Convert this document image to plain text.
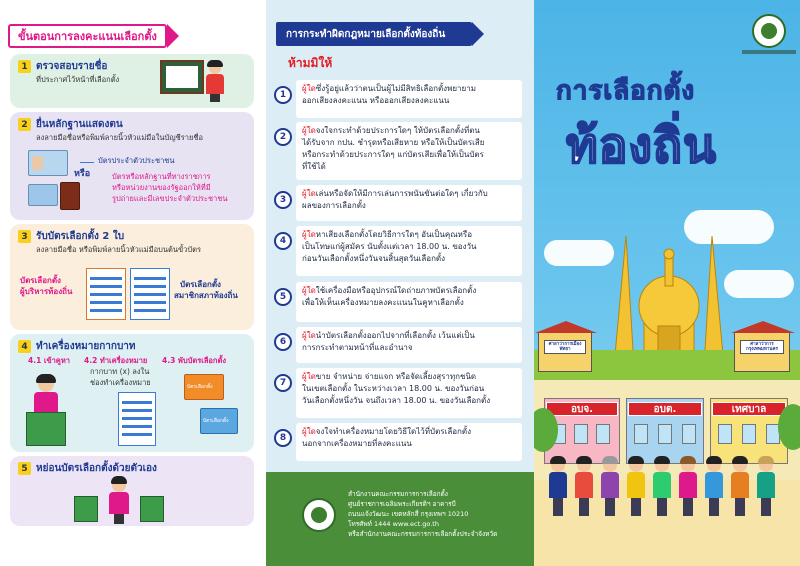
ขั้นตอนการลงคะแนนเลือกตั้ง
1 ตรวจสอบรายชื่อ
ที่ประกาศไว้หน้าที่เลือกตั้ง
2 ยื่นหลักฐานแสดงตน
ลงลายมือชื่อหรือพิมพ์ลายนิ้วหัวแม่มือในบัญชีรายชื่อ
บัตรประจำตัวประชาชน
หรือ	บัตรหรือหลักฐานที่ทางราชการ
หรือหน่วยงานของรัฐออกให้ที่มี
รูปถ่ายและมีเลขประจำตัวประชาชน
3 รับบัตรเลือกตั้ง 2 ใบ
ลงลายมือชื่อ หรือพิมพ์ลายนิ้วหัวแม่มือบนต้นขั้วบัตร
บัตรเลือกตั้ง
ผู้บริหารท้องถิ่น
บัตรเลือกตั้ง
สมาชิกสภาท้องถิ่น
4 ทำเครื่องหมายกากบาท
4.1 เข้าคูหา 4.2 ทำเครื่องหมาย
กากบาท (x) ลงใน
ช่องทำเครื่องหมาย
4.3 พับบัตรเลือกตั้ง
บัตรเลือกตั้ง
บัตรเลือกตั้ง
5 หย่อนบัตรเลือกตั้งด้วยตัวเอง
การกระทำผิดกฎหมายเลือกตั้งท้องถิ่น
ห้ามมิให้
1
ผู้ใดซึ่งรู้อยู่แล้วว่าตนเป็นผู้ไม่มีสิทธิเลือกตั้งพยายาม
ออกเสียงลงคะแนน หรือออกเสียงลงคะแนน
2
ผู้ใดจงใจกระทำด้วยประการใดๆ ให้บัตรเลือกตั้งที่ตน
ได้รับจาก กปน. ชำรุดหรือเสียหาย หรือให้เป็นบัตรเสีย
หรือกระทำด้วยประการใดๆ แก่บัตรเสียเพื่อให้เป็นบัตร
ที่ใช้ได้
3
ผู้ใดเล่นหรือจัดให้มีการเล่นการพนันขันต่อใดๆ เกี่ยวกับ
ผลของการเลือกตั้ง
4
ผู้ใดหาเสียงเลือกตั้งโดยวิธีการใดๆ อันเป็นคุณหรือ
เป็นโทษแก่ผู้สมัคร นับตั้งแต่เวลา 18.00 น. ของวัน
ก่อนวันเลือกตั้งหนึ่งวันจนสิ้นสุดวันเลือกตั้ง
5
ผู้ใดใช้เครื่องมือหรืออุปกรณ์ใดถ่ายภาพบัตรเลือกตั้ง
เพื่อให้เห็นเครื่องหมายลงคะแนนในคูหาเลือกตั้ง
6
ผู้ใดนำบัตรเลือกตั้งออกไปจากที่เลือกตั้ง เว้นแต่เป็น
การกระทำตามหน้าที่และอำนาจ
7
ผู้ใดขาย จำหน่าย จ่ายแจก หรือจัดเลี้ยงสุราทุกชนิด
ในเขตเลือกตั้ง ในระหว่างเวลา 18.00 น. ของวันก่อน
วันเลือกตั้งหนึ่งวัน จนถึงเวลา 18.00 น. ของวันเลือกตั้ง
8
ผู้ใดจงใจทำเครื่องหมายโดยวิธีใดไว้ที่บัตรเลือกตั้ง
นอกจากเครื่องหมายที่ลงคะแนน
สำนักงานคณะกรรมการการเลือกตั้ง
ศูนย์ราชการเฉลิมพระเกียรติฯ อาคารบี
ถนนแจ้งวัฒนะ เขตหลักสี่ กรุงเทพฯ 10210
โทรศัพท์ 1444 www.ect.go.th
หรือสำนักงานคณะกรรมการการเลือกตั้งประจำจังหวัด
การเลือกตั้ง
ท้องถิ่น
ศาลาว่าการเมืองพัทยา
ศาลาว่าการกรุงเทพมหานคร
อบจ.	อบต.	เทศบาล
